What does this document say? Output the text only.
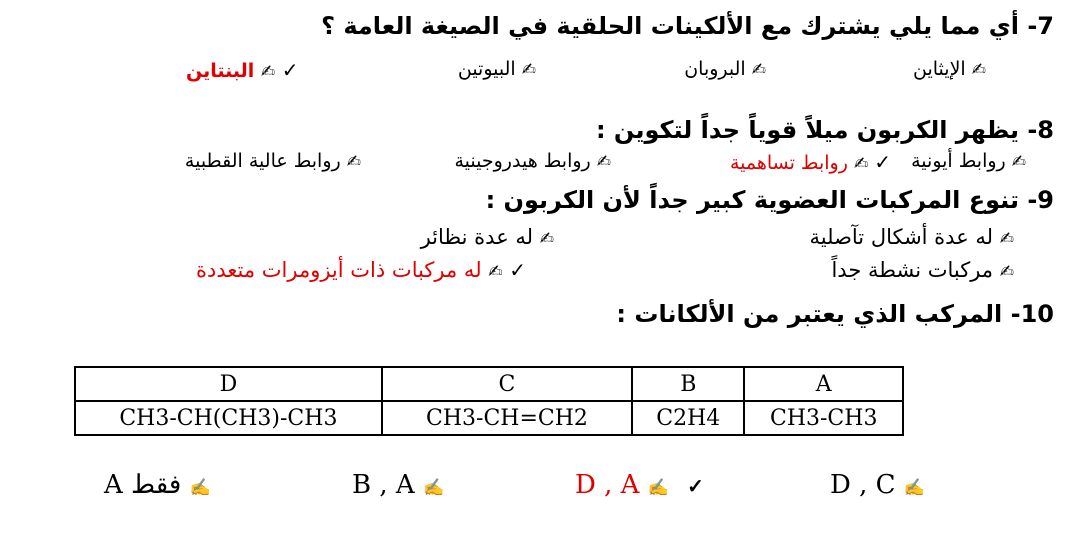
7- أي مما يلي يشترك مع الألكينات الحلقية في الصيغة العامة ؟
✍ الإيثاين
✍ البروبان
✍ البيوتين
✓ ✍ البنتاين
8- يظهر الكربون ميلاً قوياً جداً لتكوين :
✍ روابط أيونية
✓ ✍ روابط تساهمية
✍ روابط هيدروجينية
✍ روابط عالية القطبية
9- تنوع المركبات العضوية كبير جداً لأن الكربون :
✍ له عدة أشكال تآصلية
✍ له عدة نظائر
✍ مركبات نشطة جداً
✓ ✍ له مركبات ذات أيزومرات متعددة
10- المركب الذي يعتبر من الألكانات :
D	C	B	A
CH3-CH(CH3)-CH3	CH3-CH=CH2	C2H4	CH3-CH3
✍ فقط A	B , A ✍	D , A ✍ ✓	D , C ✍
